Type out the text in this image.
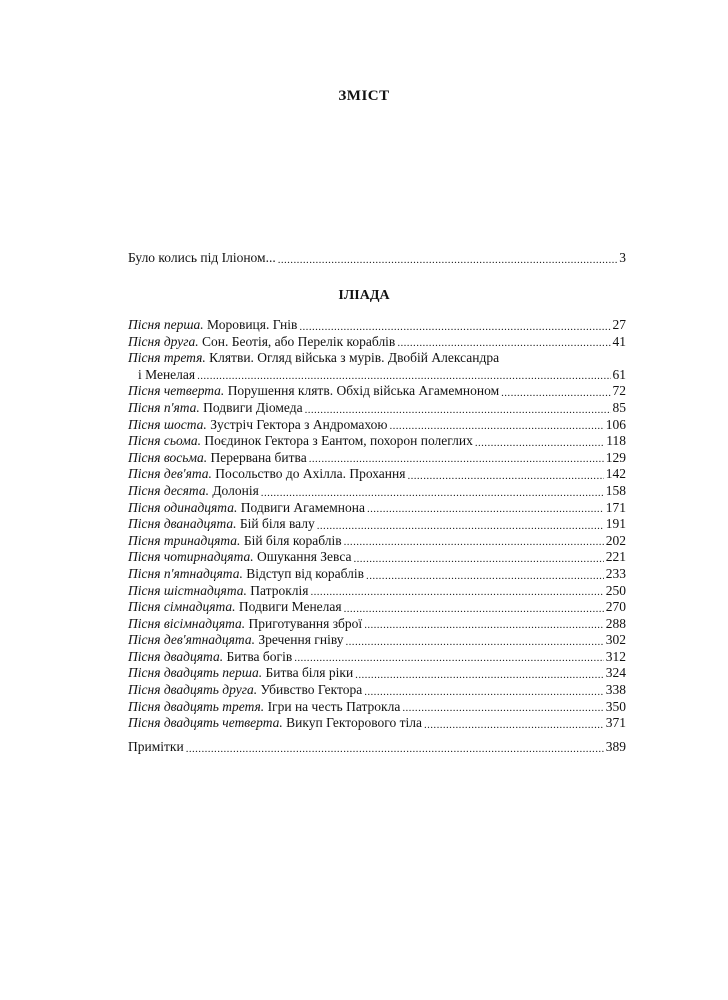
ЗМІСТ
Було колись під Іліоном... .....	3
ІЛІАДА
Пісня перша. Моровиця. Гнів .....	27
Пісня друга. Сон. Беотія, або Перелік кораблів .....	41
Пісня третя. Клятви. Огляд війська з мурів. Двобій Александра
і Менелая .....	61
Пісня четверта. Порушення клятв. Обхід війська Агамемноном .....	72
Пісня п'ята. Подвиги Діомеда .....	85
Пісня шоста. Зустріч Гектора з Андромахою .....	106
Пісня сьома. Поєдинок Гектора з Еантом, похорон полеглих .....	118
Пісня восьма. Перервана битва .....	129
Пісня дев'ята. Посольство до Ахілла. Прохання .....	142
Пісня десята. Долонія .....	158
Пісня одинадцята. Подвиги Агамемнона .....	171
Пісня дванадцята. Бій біля валу .....	191
Пісня тринадцята. Бій біля кораблів .....	202
Пісня чотирнадцята. Ошукання Зевса .....	221
Пісня п'ятнадцята. Відступ від кораблів .....	233
Пісня шістнадцята. Патроклія .....	250
Пісня сімнадцята. Подвиги Менелая .....	270
Пісня вісімнадцята. Приготування зброї .....	288
Пісня дев'ятнадцята. Зречення гніву .....	302
Пісня двадцята. Битва богів .....	312
Пісня двадцять перша. Битва біля ріки .....	324
Пісня двадцять друга. Убивство Гектора .....	338
Пісня двадцять третя. Ігри на честь Патрокла .....	350
Пісня двадцять четверта. Викуп Гекторового тіла .....	371
Примітки .....	389
